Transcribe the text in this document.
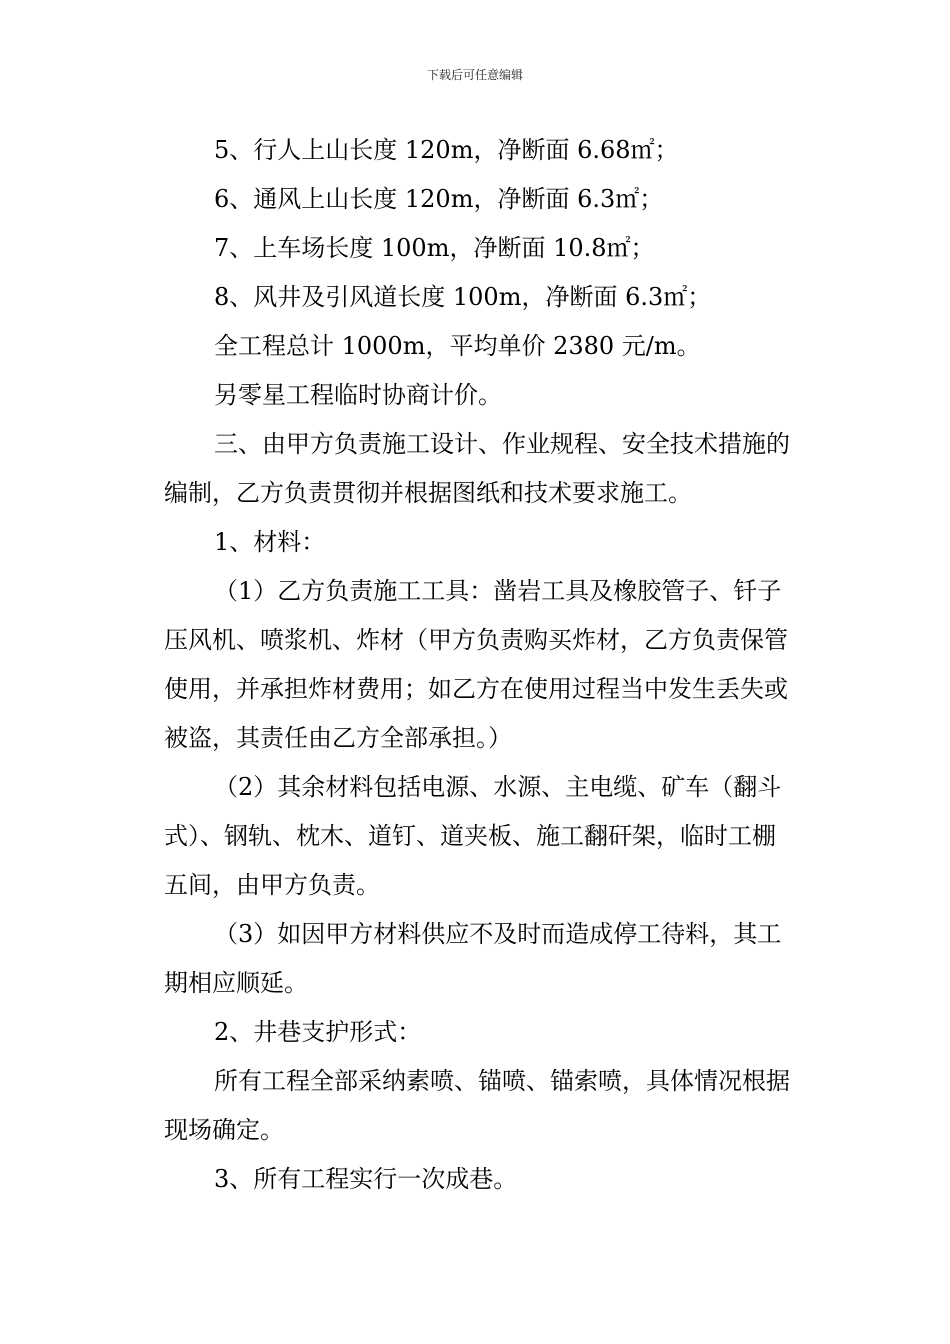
下载后可任意编辑
5、行人上山长度 120m，净断面 6.68㎡；
6、通风上山长度 120m，净断面 6.3㎡；
7、上车场长度 100m，净断面 10.8㎡；
8、风井及引风道长度 100m，净断面 6.3㎡；
全工程总计 1000m，平均单价 2380 元/m。
另零星工程临时协商计价。
三、由甲方负责施工设计、作业规程、安全技术措施的
编制，乙方负责贯彻并根据图纸和技术要求施工。
1、材料：
（1）乙方负责施工工具：凿岩工具及橡胶管子、钎子
压风机、喷浆机、炸材（甲方负责购买炸材，乙方负责保管
使用，并承担炸材费用；如乙方在使用过程当中发生丢失或
被盗，其责任由乙方全部承担。）
（2）其余材料包括电源、水源、主电缆、矿车（翻斗
式）、钢轨、枕木、道钉、道夹板、施工翻矸架，临时工棚
五间，由甲方负责。
（3）如因甲方材料供应不及时而造成停工待料，其工
期相应顺延。
2、井巷支护形式：
所有工程全部采纳素喷、锚喷、锚索喷，具体情况根据
现场确定。
3、所有工程实行一次成巷。
